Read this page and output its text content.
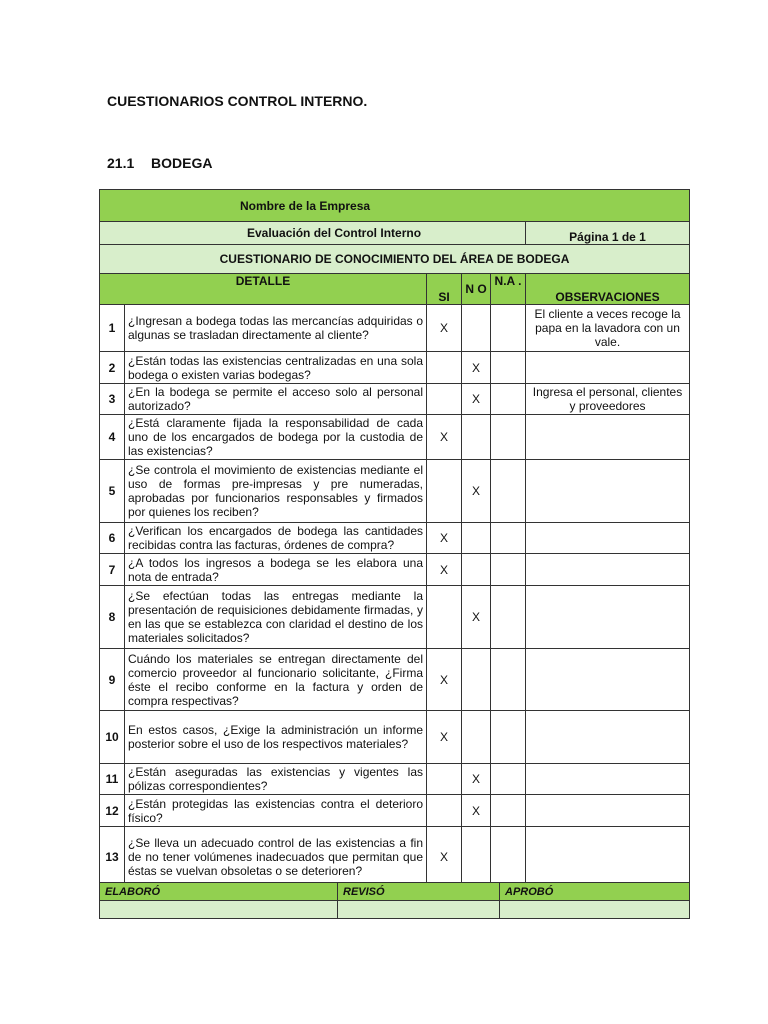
CUESTIONARIOS CONTROL INTERNO.
21.1 BODEGA
Nombre de la Empresa					
Evaluación del Control Interno					Página 1 de 1
CUESTIONARIO DE CONOCIMIENTO DEL ÁREA DE BODEGA					
DETALLE		SI	N O	N.A .	OBSERVACIONES
1	¿Ingresan a bodega todas las mercancías adquiridas o algunas se trasladan directamente al cliente?	X			El cliente a veces recoge la papa en la lavadora con un vale.
2	¿Están todas las existencias centralizadas en una sola bodega o existen varias bodegas?		X		
3	¿En la bodega se permite el acceso solo al personal autorizado?		X		Ingresa el personal, clientes y proveedores
4	¿Está claramente fijada la responsabilidad de cada uno de los encargados de bodega por la custodia de las existencias?	X			
5	¿Se controla el movimiento de existencias mediante el uso de formas pre-impresas y pre numeradas, aprobadas por funcionarios responsables y firmados por quienes los reciben?		X		
6	¿Verifican los encargados de bodega las cantidades recibidas contra las facturas, órdenes de compra?	X			
7	¿A todos los ingresos a bodega se les elabora una nota de entrada?	X			
8	¿Se efectúan todas las entregas mediante la presentación de requisiciones debidamente firmadas, y en las que se establezca con claridad el destino de los materiales solicitados?		X		
9	Cuándo los materiales se entregan directamente del comercio proveedor al funcionario solicitante, ¿Firma éste el recibo conforme en la factura y orden de compra respectivas?	X			
10	En estos casos, ¿Exige la administración un informe posterior sobre el uso de los respectivos materiales?	X			
11	¿Están aseguradas las existencias y vigentes las pólizas correspondientes?		X		
12	¿Están protegidas las existencias contra el deterioro físico?		X		
13	¿Se lleva un adecuado control de las existencias a fin de no tener volúmenes inadecuados que permitan que éstas se vuelvan obsoletas o se deterioren?	X			
ELABORÓ	REVISÓ	APROBÓ
